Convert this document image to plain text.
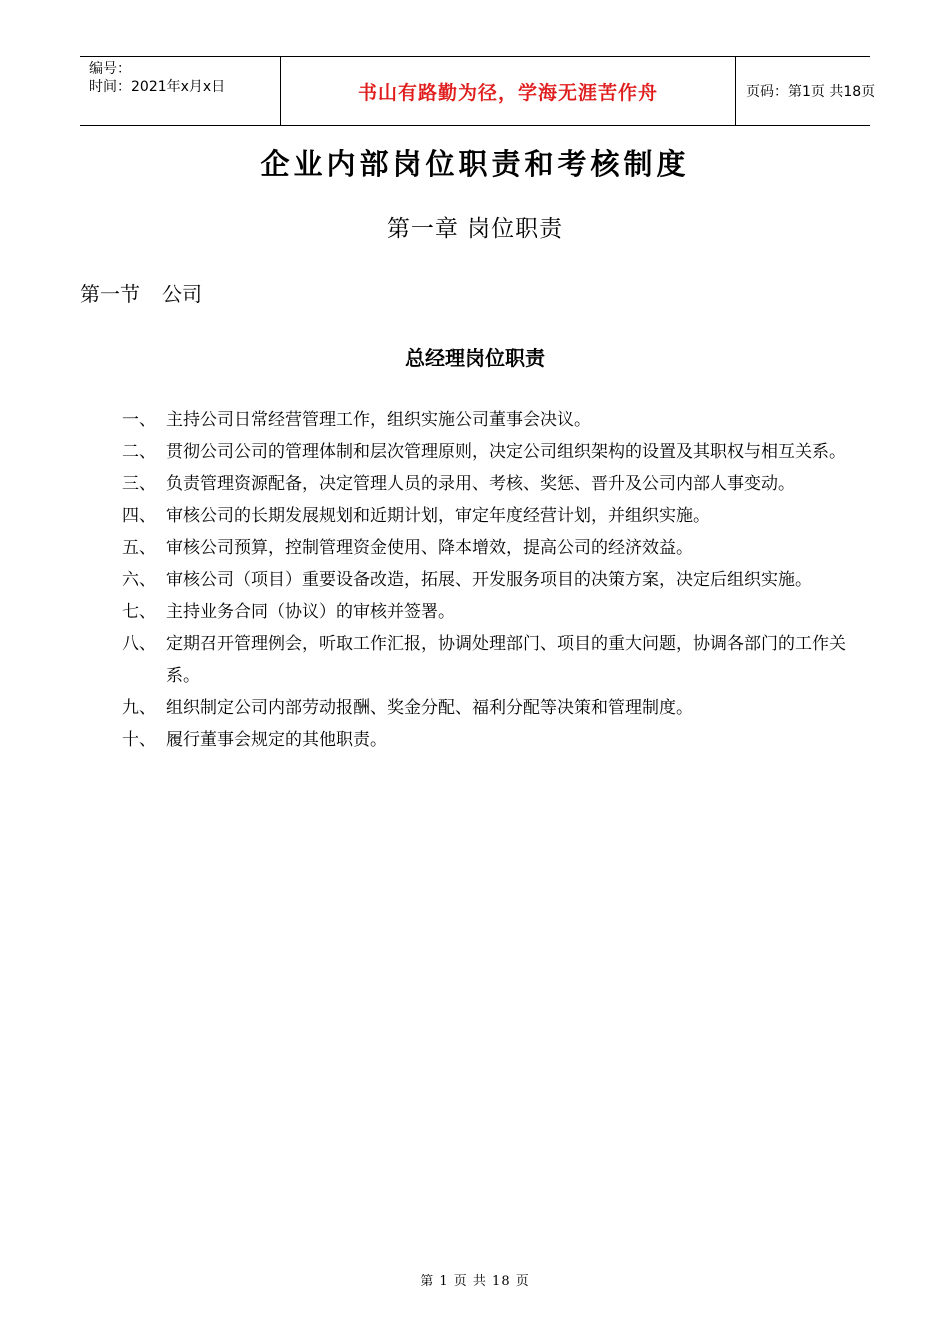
编号：
时间：2021年x月x日	书山有路勤为径，学海无涯苦作舟	页码：第1页 共18页
企业内部岗位职责和考核制度
第一章 岗位职责
第一节 公司
总经理岗位职责
一、 主持公司日常经营管理工作，组织实施公司董事会决议。
二、 贯彻公司公司的管理体制和层次管理原则，决定公司组织架构的设置及其职权与相互关系。
三、 负责管理资源配备，决定管理人员的录用、考核、奖惩、晋升及公司内部人事变动。
四、 审核公司的长期发展规划和近期计划，审定年度经营计划，并组织实施。
五、 审核公司预算，控制管理资金使用、降本增效，提高公司的经济效益。
六、 审核公司（项目）重要设备改造，拓展、开发服务项目的决策方案，决定后组织实施。
七、 主持业务合同（协议）的审核并签署。
八、 定期召开管理例会，听取工作汇报，协调处理部门、项目的重大问题，协调各部门的工作关系。
九、 组织制定公司内部劳动报酬、奖金分配、福利分配等决策和管理制度。
十、 履行董事会规定的其他职责。
第 1 页 共 18 页
